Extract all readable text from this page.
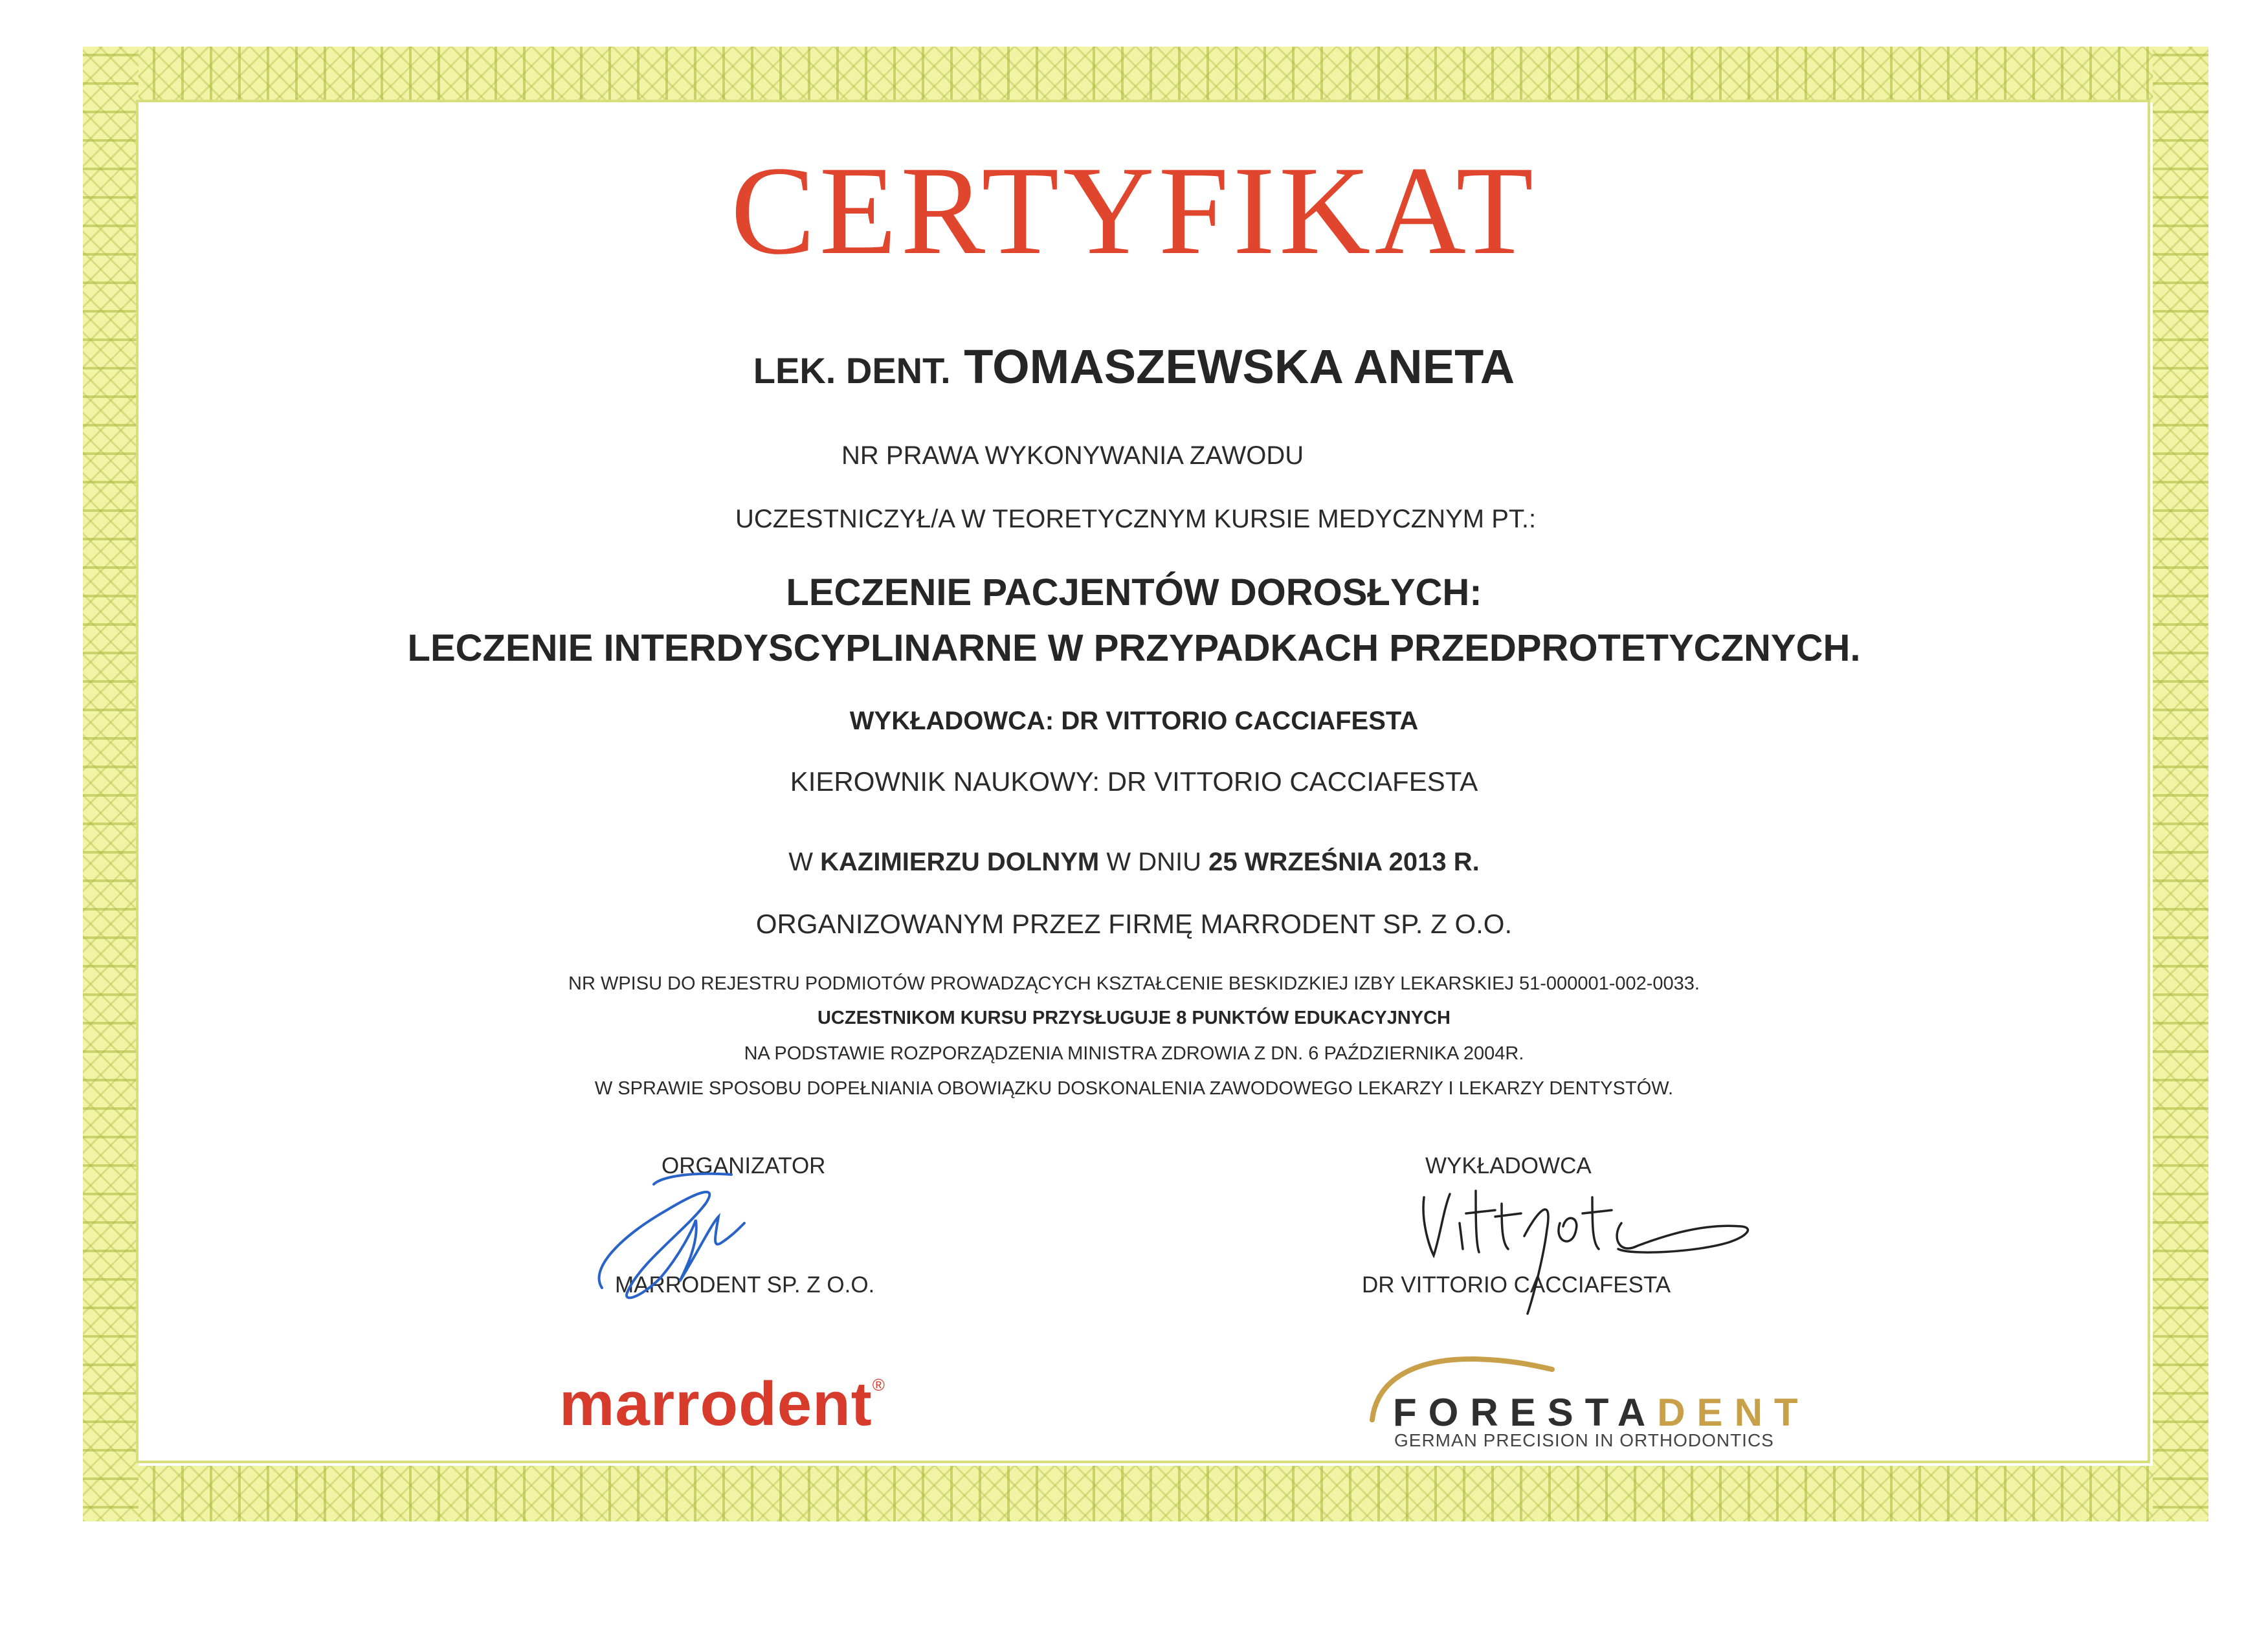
CERTYFIKAT
LEK. DENT. TOMASZEWSKA ANETA
NR PRAWA WYKONYWANIA ZAWODU
UCZESTNICZYŁ/A W TEORETYCZNYM KURSIE MEDYCZNYM PT.:
LECZENIE PACJENTÓW DOROSŁYCH:
LECZENIE INTERDYSCYPLINARNE W PRZYPADKACH PRZEDPROTETYCZNYCH.
WYKŁADOWCA: DR VITTORIO CACCIAFESTA
KIEROWNIK NAUKOWY: DR VITTORIO CACCIAFESTA
W KAZIMIERZU DOLNYM W DNIU 25 WRZEŚNIA 2013 R.
ORGANIZOWANYM PRZEZ FIRMĘ MARRODENT SP. Z O.O.
NR WPISU DO REJESTRU PODMIOTÓW PROWADZĄCYCH KSZTAŁCENIE BESKIDZKIEJ IZBY LEKARSKIEJ 51-000001-002-0033.
UCZESTNIKOM KURSU PRZYSŁUGUJE 8 PUNKTÓW EDUKACYJNYCH
NA PODSTAWIE ROZPORZĄDZENIA MINISTRA ZDROWIA Z DN. 6 PAŹDZIERNIKA 2004R.
W SPRAWIE SPOSOBU DOPEŁNIANIA OBOWIĄZKU DOSKONALENIA ZAWODOWEGO LEKARZY I LEKARZY DENTYSTÓW.
ORGANIZATOR
MARRODENT SP. Z O.O.
WYKŁADOWCA
DR VITTORIO CACCIAFESTA
marrodent®
FORESTADENT
GERMAN PRECISION IN ORTHODONTICS
